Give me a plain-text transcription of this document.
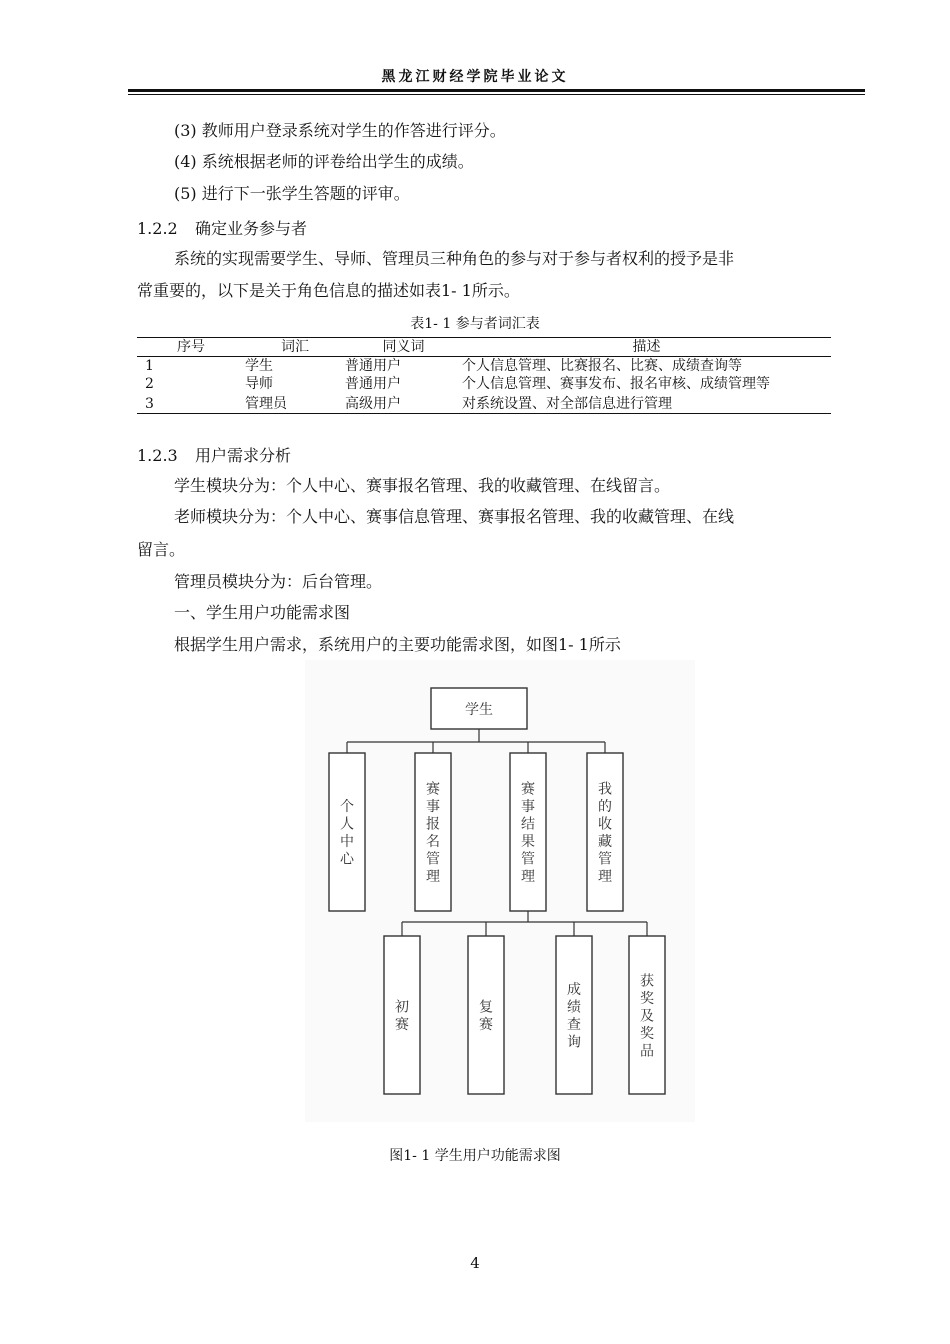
黑龙江财经学院毕业论文
(3) 教师用户登录系统对学生的作答进行评分。
(4) 系统根据老师的评卷给出学生的成绩。
(5) 进行下一张学生答题的评审。
1.2.2 确定业务参与者
系统的实现需要学生、导师、管理员三种角色的参与对于参与者权利的授予是非
常重要的，以下是关于角色信息的描述如表1- 1所示。
表1- 1 参与者词汇表
序号	词汇	同义词	描述
1	学生	普通用户	个人信息管理、比赛报名、比赛、成绩查询等
2	导师	普通用户	个人信息管理、赛事发布、报名审核、成绩管理等
3	管理员	高级用户	对系统设置、对全部信息进行管理
1.2.3 用户需求分析
学生模块分为：个人中心、赛事报名管理、我的收藏管理、在线留言。
老师模块分为：个人中心、赛事信息管理、赛事报名管理、我的收藏管理、在线
留言。
管理员模块分为：后台管理。
一、学生用户功能需求图
根据学生用户需求，系统用户的主要功能需求图，如图1- 1所示
学生
个人中心
赛事报名管理
赛事结果管理
我的收藏管理
初赛
复赛
成绩查询
获奖及奖品
图1- 1 学生用户功能需求图
4
